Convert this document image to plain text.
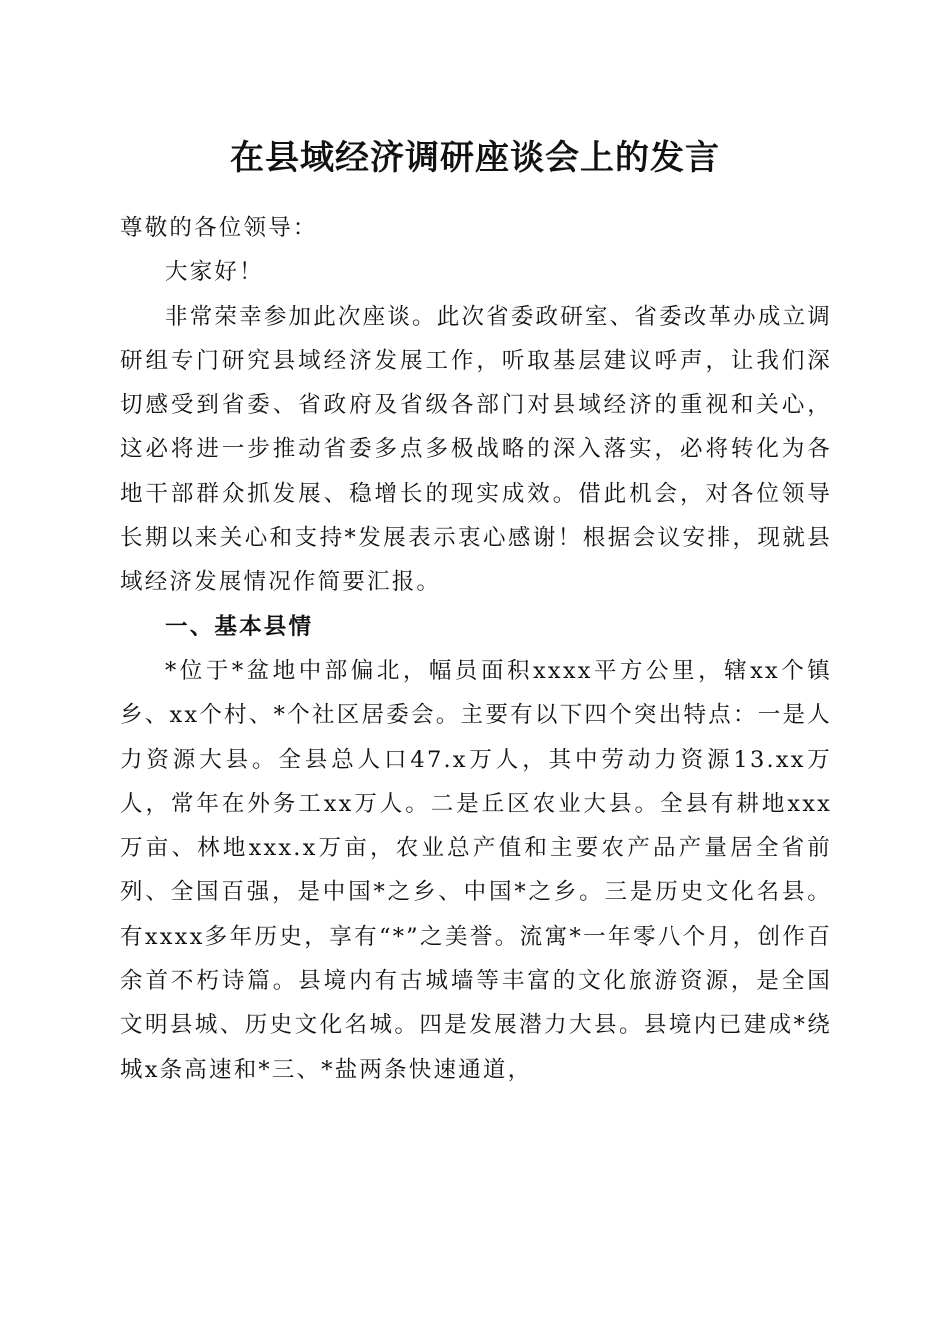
在县域经济调研座谈会上的发言

尊敬的各位领导：

大家好！

非常荣幸参加此次座谈。此次省委政研室、省委改革办成立调研组专门研究县域经济发展工作，听取基层建议呼声，让我们深切感受到省委、省政府及省级各部门对县域经济的重视和关心，这必将进一步推动省委多点多极战略的深入落实，必将转化为各地干部群众抓发展、稳增长的现实成效。借此机会，对各位领导长期以来关心和支持*发展表示衷心感谢！根据会议安排，现就县域经济发展情况作简要汇报。

一、基本县情

*位于*盆地中部偏北，幅员面积xxxx平方公里，辖xx个镇乡、xx个村、*个社区居委会。主要有以下四个突出特点：一是人力资源大县。全县总人口47.x万人，其中劳动力资源13.xx万人，常年在外务工xx万人。二是丘区农业大县。全县有耕地xxx万亩、林地xxx.x万亩，农业总产值和主要农产品产量居全省前列、全国百强，是中国*之乡、中国*之乡。三是历史文化名县。有xxxx多年历史，享有“*”之美誉。流寓*一年零八个月，创作百余首不朽诗篇。县境内有古城墙等丰富的文化旅游资源，是全国文明县城、历史文化名城。四是发展潜力大县。县境内已建成*绕城x条高速和*三、*盐两条快速通道，
